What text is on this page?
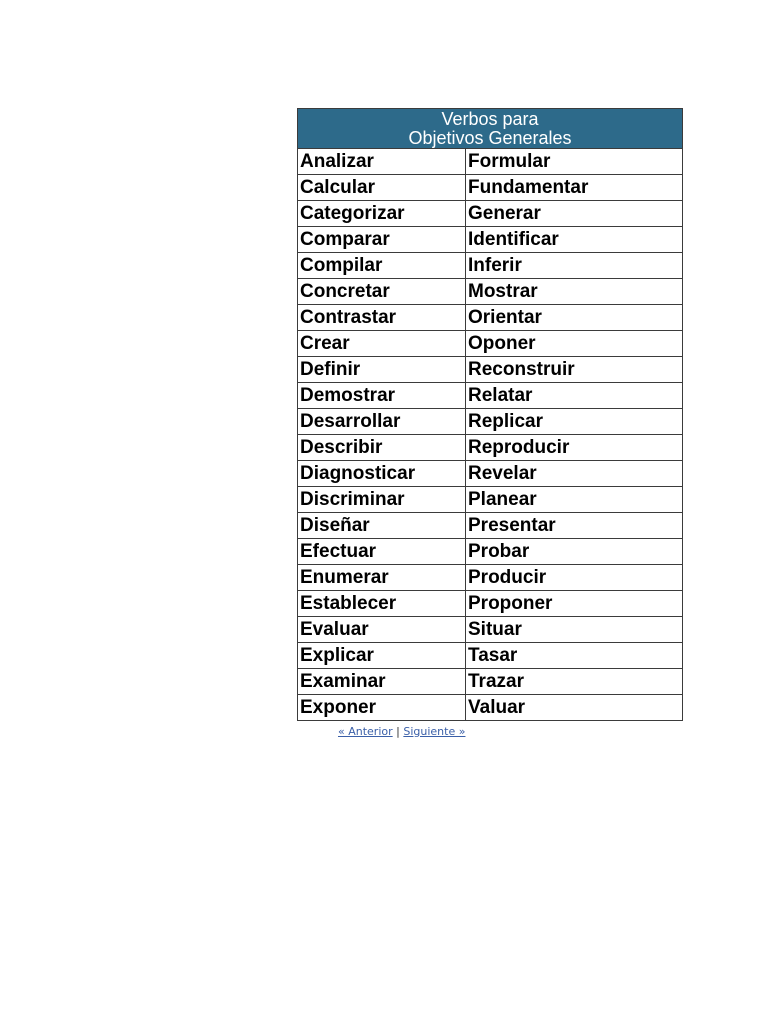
Verbos para
Objetivos Generales	

Analizar	Formular
Calcular	Fundamentar
Categorizar	Generar
Comparar	Identificar
Compilar	Inferir
Concretar	Mostrar
Contrastar	Orientar
Crear	Oponer
Definir	Reconstruir
Demostrar	Relatar
Desarrollar	Replicar
Describir	Reproducir
Diagnosticar	Revelar
Discriminar	Planear
Diseñar	Presentar
Efectuar	Probar
Enumerar	Producir
Establecer	Proponer
Evaluar	Situar
Explicar	Tasar
Examinar	Trazar
Exponer	Valuar
« Anterior | Siguiente »
